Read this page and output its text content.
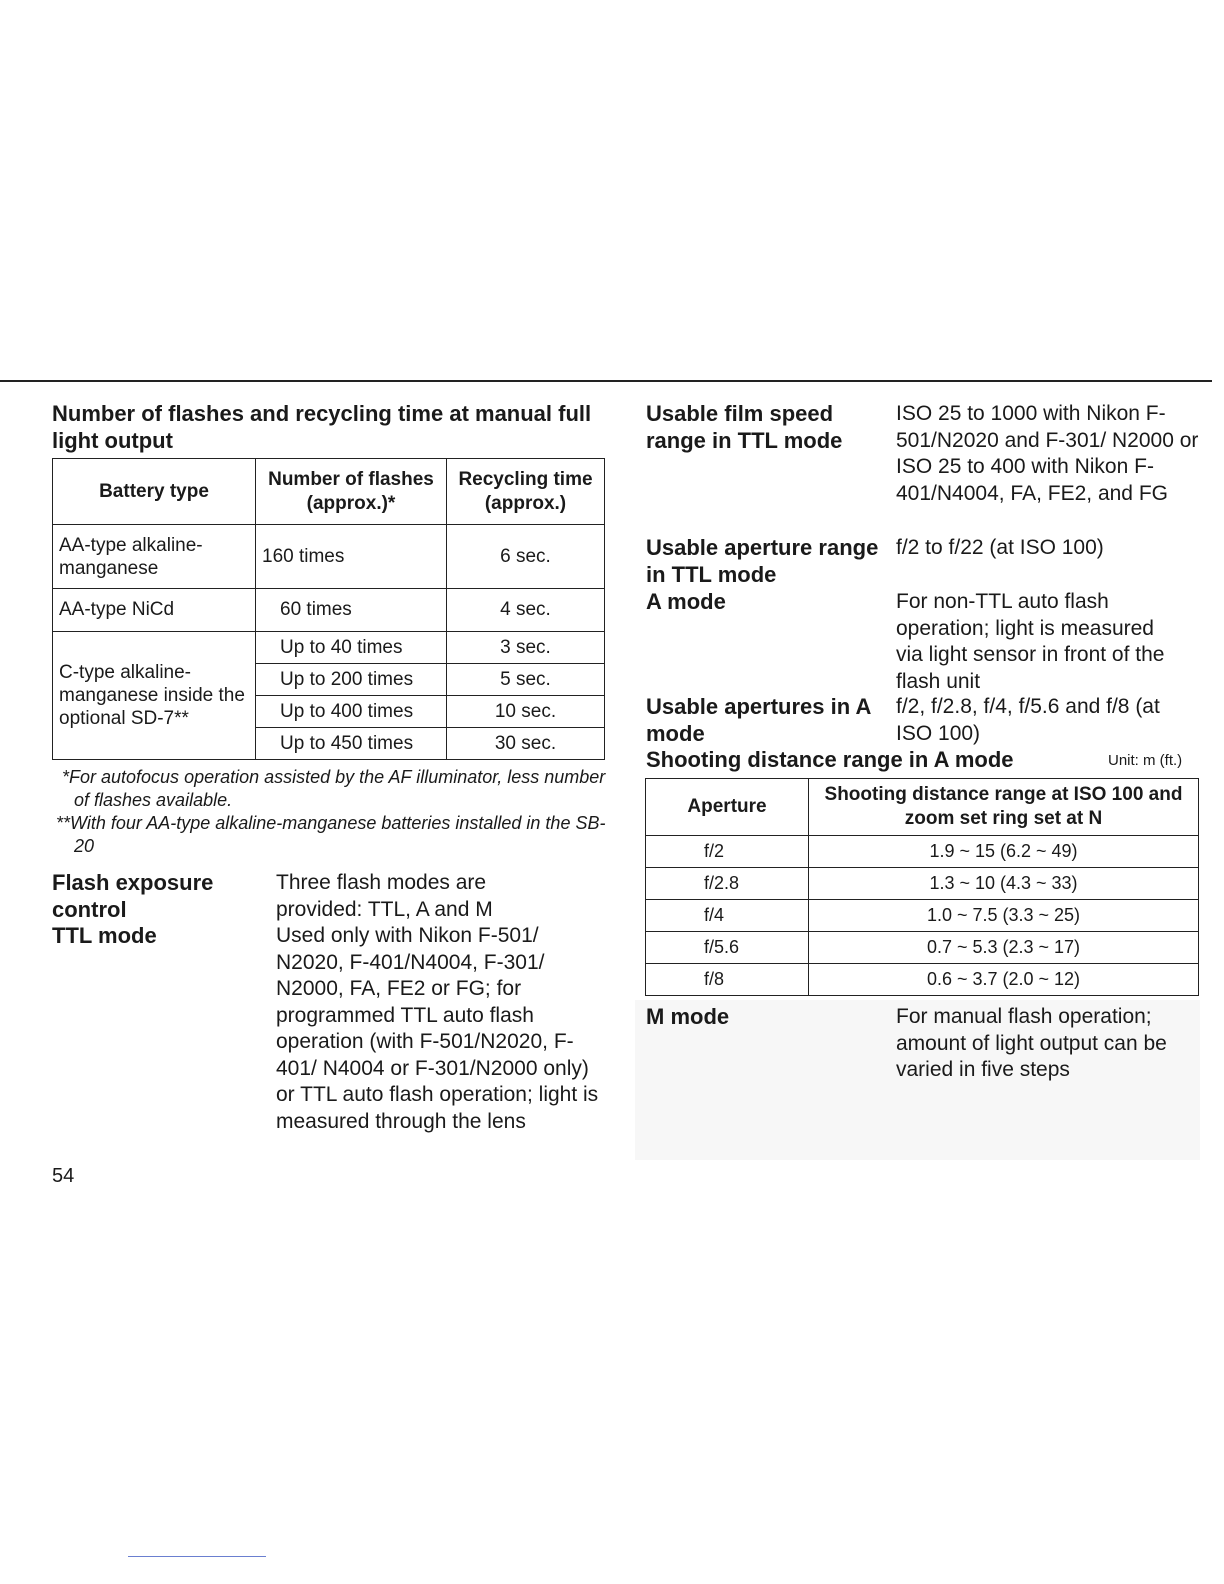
Number of flashes and recycling time at manual full light output
Battery type	Number of flashes (approx.)*	Recycling time (approx.)
AA-type alkaline-manganese	160 times	6 sec.
AA-type NiCd	60 times	4 sec.
C-type alkaline-manganese inside the optional SD-7**	Up to 40 times	3 sec.
	Up to 200 times	5 sec.
	Up to 400 times	10 sec.
	Up to 450 times	30 sec.
*For autofocus operation assisted by the AF illuminator, less number of flashes available.
**With four AA-type alkaline-manganese batteries installed in the SB-20
Flash exposure control
Three flash modes are provided: TTL, A and M
TTL mode	Used only with Nikon F-501/ N2020, F-401/N4004, F-301/ N2000, FA, FE2 or FG; for programmed TTL auto flash operation (with F-501/N2020, F-401/ N4004 or F-301/N2000 only) or TTL auto flash operation; light is measured through the lens
54
Usable film speed range in TTL mode
ISO 25 to 1000 with Nikon F-501/N2020 and F-301/ N2000 or ISO 25 to 400 with Nikon F-401/N4004, FA, FE2, and FG
Usable aperture range in TTL mode
f/2 to f/22 (at ISO 100)
A mode	For non-TTL auto flash operation; light is measured via light sensor in front of the flash unit
Usable apertures in A mode
f/2, f/2.8, f/4, f/5.6 and f/8 (at ISO 100)
Shooting distance range in A mode	Unit: m (ft.)
Aperture	Shooting distance range at ISO 100 and zoom set ring set at N
f/2	1.9 ~ 15 (6.2 ~ 49)
f/2.8	1.3 ~ 10 (4.3 ~ 33)
f/4	1.0 ~ 7.5 (3.3 ~ 25)
f/5.6	0.7 ~ 5.3 (2.3 ~ 17)
f/8	0.6 ~ 3.7 (2.0 ~ 12)
M mode	For manual flash operation; amount of light output can be varied in five steps
